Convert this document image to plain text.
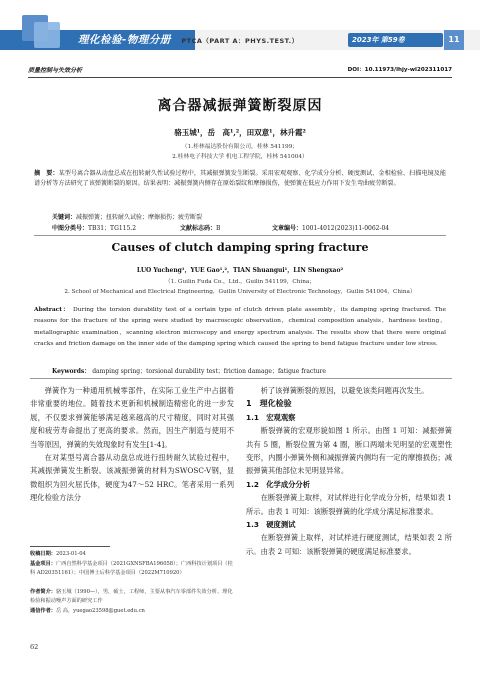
理化检验-物理分册	PTCA（PART A：PHYS.TEST.）	2023年 第59卷	11
质量控制与失效分析	DOI：10.11973/lhjy-wl202311017
离合器减振弹簧断裂原因
骆玉城¹，岳　高¹,²，田双意¹，林升霞²
（1.桂林福达股份有限公司，桂林 541199；
2.桂林电子科技大学 机电工程学院，桂林 541004）
摘　要：某型号离合器从动盘总成在扭转耐久性试验过程中，其减振弹簧发生断裂。采用宏观观察、化学成分分析、硬度测试、金相检验、扫描电镜及能谱分析等方法研究了该弹簧断裂的原因。结果表明：减振弹簧内侧存在原始裂纹和摩擦损伤，使弹簧在低应力作用下发生弯曲疲劳断裂。
关键词：减振弹簧；扭转耐久试验；摩擦损伤；疲劳断裂
中图分类号：TB31；TG115.2	文献标志码：B	文章编号：1001-4012(2023)11-0062-04
Causes of clutch damping spring fracture
LUO Yucheng¹，YUE Gao¹,²，TIAN Shuangui¹，LIN Shengxao²
（1. Guilin Fuda Co.，Ltd.，Guilin 541199，China；
2. School of Mechanical and Electrical Engineering，Guilin University of Electronic Technology，Guilin 541004，China）
Abstract： During the torsion durability test of a certain type of clutch driven plate assembly，its damping spring fractured. The reasons for the fracture of the spring were studied by macroscopic observation，chemical composition analysis，hardness testing，metallographic examination，scanning electron microscopy and energy spectrum analysis. The results show that there were original cracks and friction damage on the inner side of the damping spring which caused the spring to bend fatigue fracture under low stress.
Keywords： damping spring；torsional durability test；friction damage；fatigue fracture

弹簧作为一种通用机械零部件，在实际工业生产中占据着非常重要的地位。随着技术更新和机械制造精密化的进一步发展，不仅要求弹簧能够满足越来越高的尺寸精度，同时对其强度和疲劳寿命提出了更高的要求。然而，因生产制造与使用不当等原因，弹簧的失效现象时有发生[1-4]。

在对某型号离合器从动盘总成进行扭转耐久试验过程中，其减振弹簧发生断裂。该减振弹簧的材料为SWOSC-V钢，显微组织为回火屈氏体，硬度为47～52 HRC。笔者采用一系列理化检验方法分

收稿日期：2023-01-04
基金项目：广西自然科学基金项目（2021GXNSFBA196058）；广西科技计划项目（桂科 AD20351161）；中国博士后科学基金项目（2022M710920）
作者简介：骆玉城（1990—），男，硕士，工程师，主要从事汽车零部件失效分析、理化检验和振动噪声方面的研究工作
通信作者：岳 高，yuegao23598@guet.edu.cn

析了该弹簧断裂的原因，以避免该类问题再次发生。

1　理化检验

1.1　宏观观察

断裂弹簧的宏观形貌如图 1 所示。由图 1 可知：减振弹簧共有 5 圈，断裂位置为第 4 圈，断口两端未见明显的宏观塑性变形，内圈小弹簧外侧和减振弹簧内侧均有一定的摩擦损伤；减振弹簧其他部位未见明显异常。

1.2　化学成分分析

在断裂弹簧上取样，对试样进行化学成分分析，结果如表 1 所示。由表 1 可知：该断裂弹簧的化学成分满足标准要求。

1.3　硬度测试

在断裂弹簧上取样，对试样进行硬度测试，结果如表 2 所示。由表 2 可知：该断裂弹簧的硬度满足标准要求。

62
